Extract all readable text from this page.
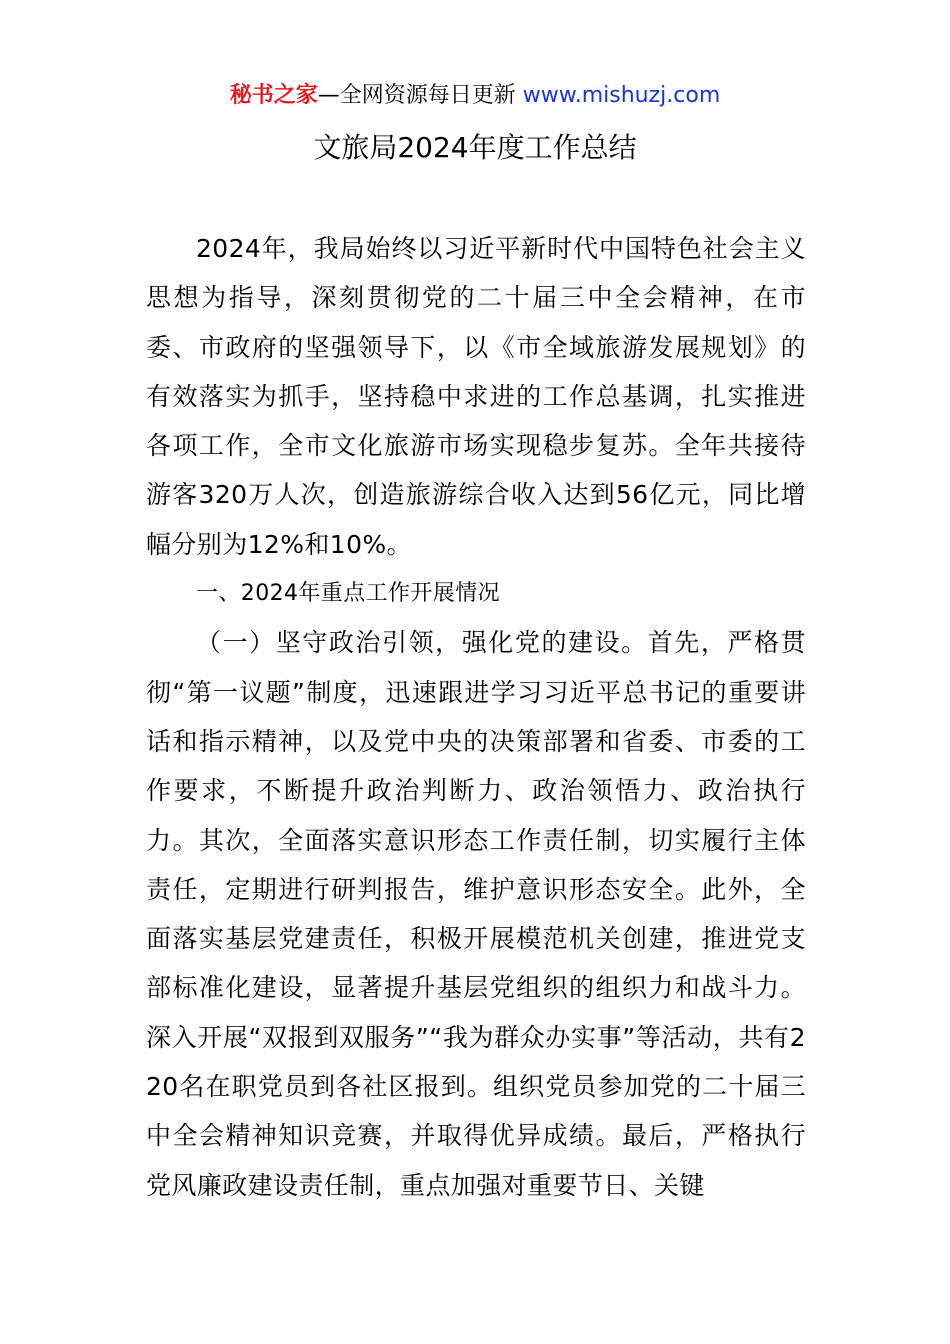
秘书之家—全网资源每日更新 www.mishuzj.com
文旅局2024年度工作总结

2024年，我局始终以习近平新时代中国特色社会主义思想为指导，深刻贯彻党的二十届三中全会精神，在市委、市政府的坚强领导下，以《市全域旅游发展规划》的有效落实为抓手，坚持稳中求进的工作总基调，扎实推进各项工作，全市文化旅游市场实现稳步复苏。全年共接待游客320万人次，创造旅游综合收入达到56亿元，同比增幅分别为12%和10%。

一、2024年重点工作开展情况

（一）坚守政治引领，强化党的建设。首先，严格贯彻“第一议题”制度，迅速跟进学习习近平总书记的重要讲话和指示精神，以及党中央的决策部署和省委、市委的工作要求，不断提升政治判断力、政治领悟力、政治执行力。其次，全面落实意识形态工作责任制，切实履行主体责任，定期进行研判报告，维护意识形态安全。此外，全面落实基层党建责任，积极开展模范机关创建，推进党支部标准化建设，显著提升基层党组织的组织力和战斗力。深入开展“双报到双服务”“我为群众办实事”等活动，共有220名在职党员到各社区报到。组织党员参加党的二十届三中全会精神知识竞赛，并取得优异成绩。最后，严格执行党风廉政建设责任制，重点加强对重要节日、关键
